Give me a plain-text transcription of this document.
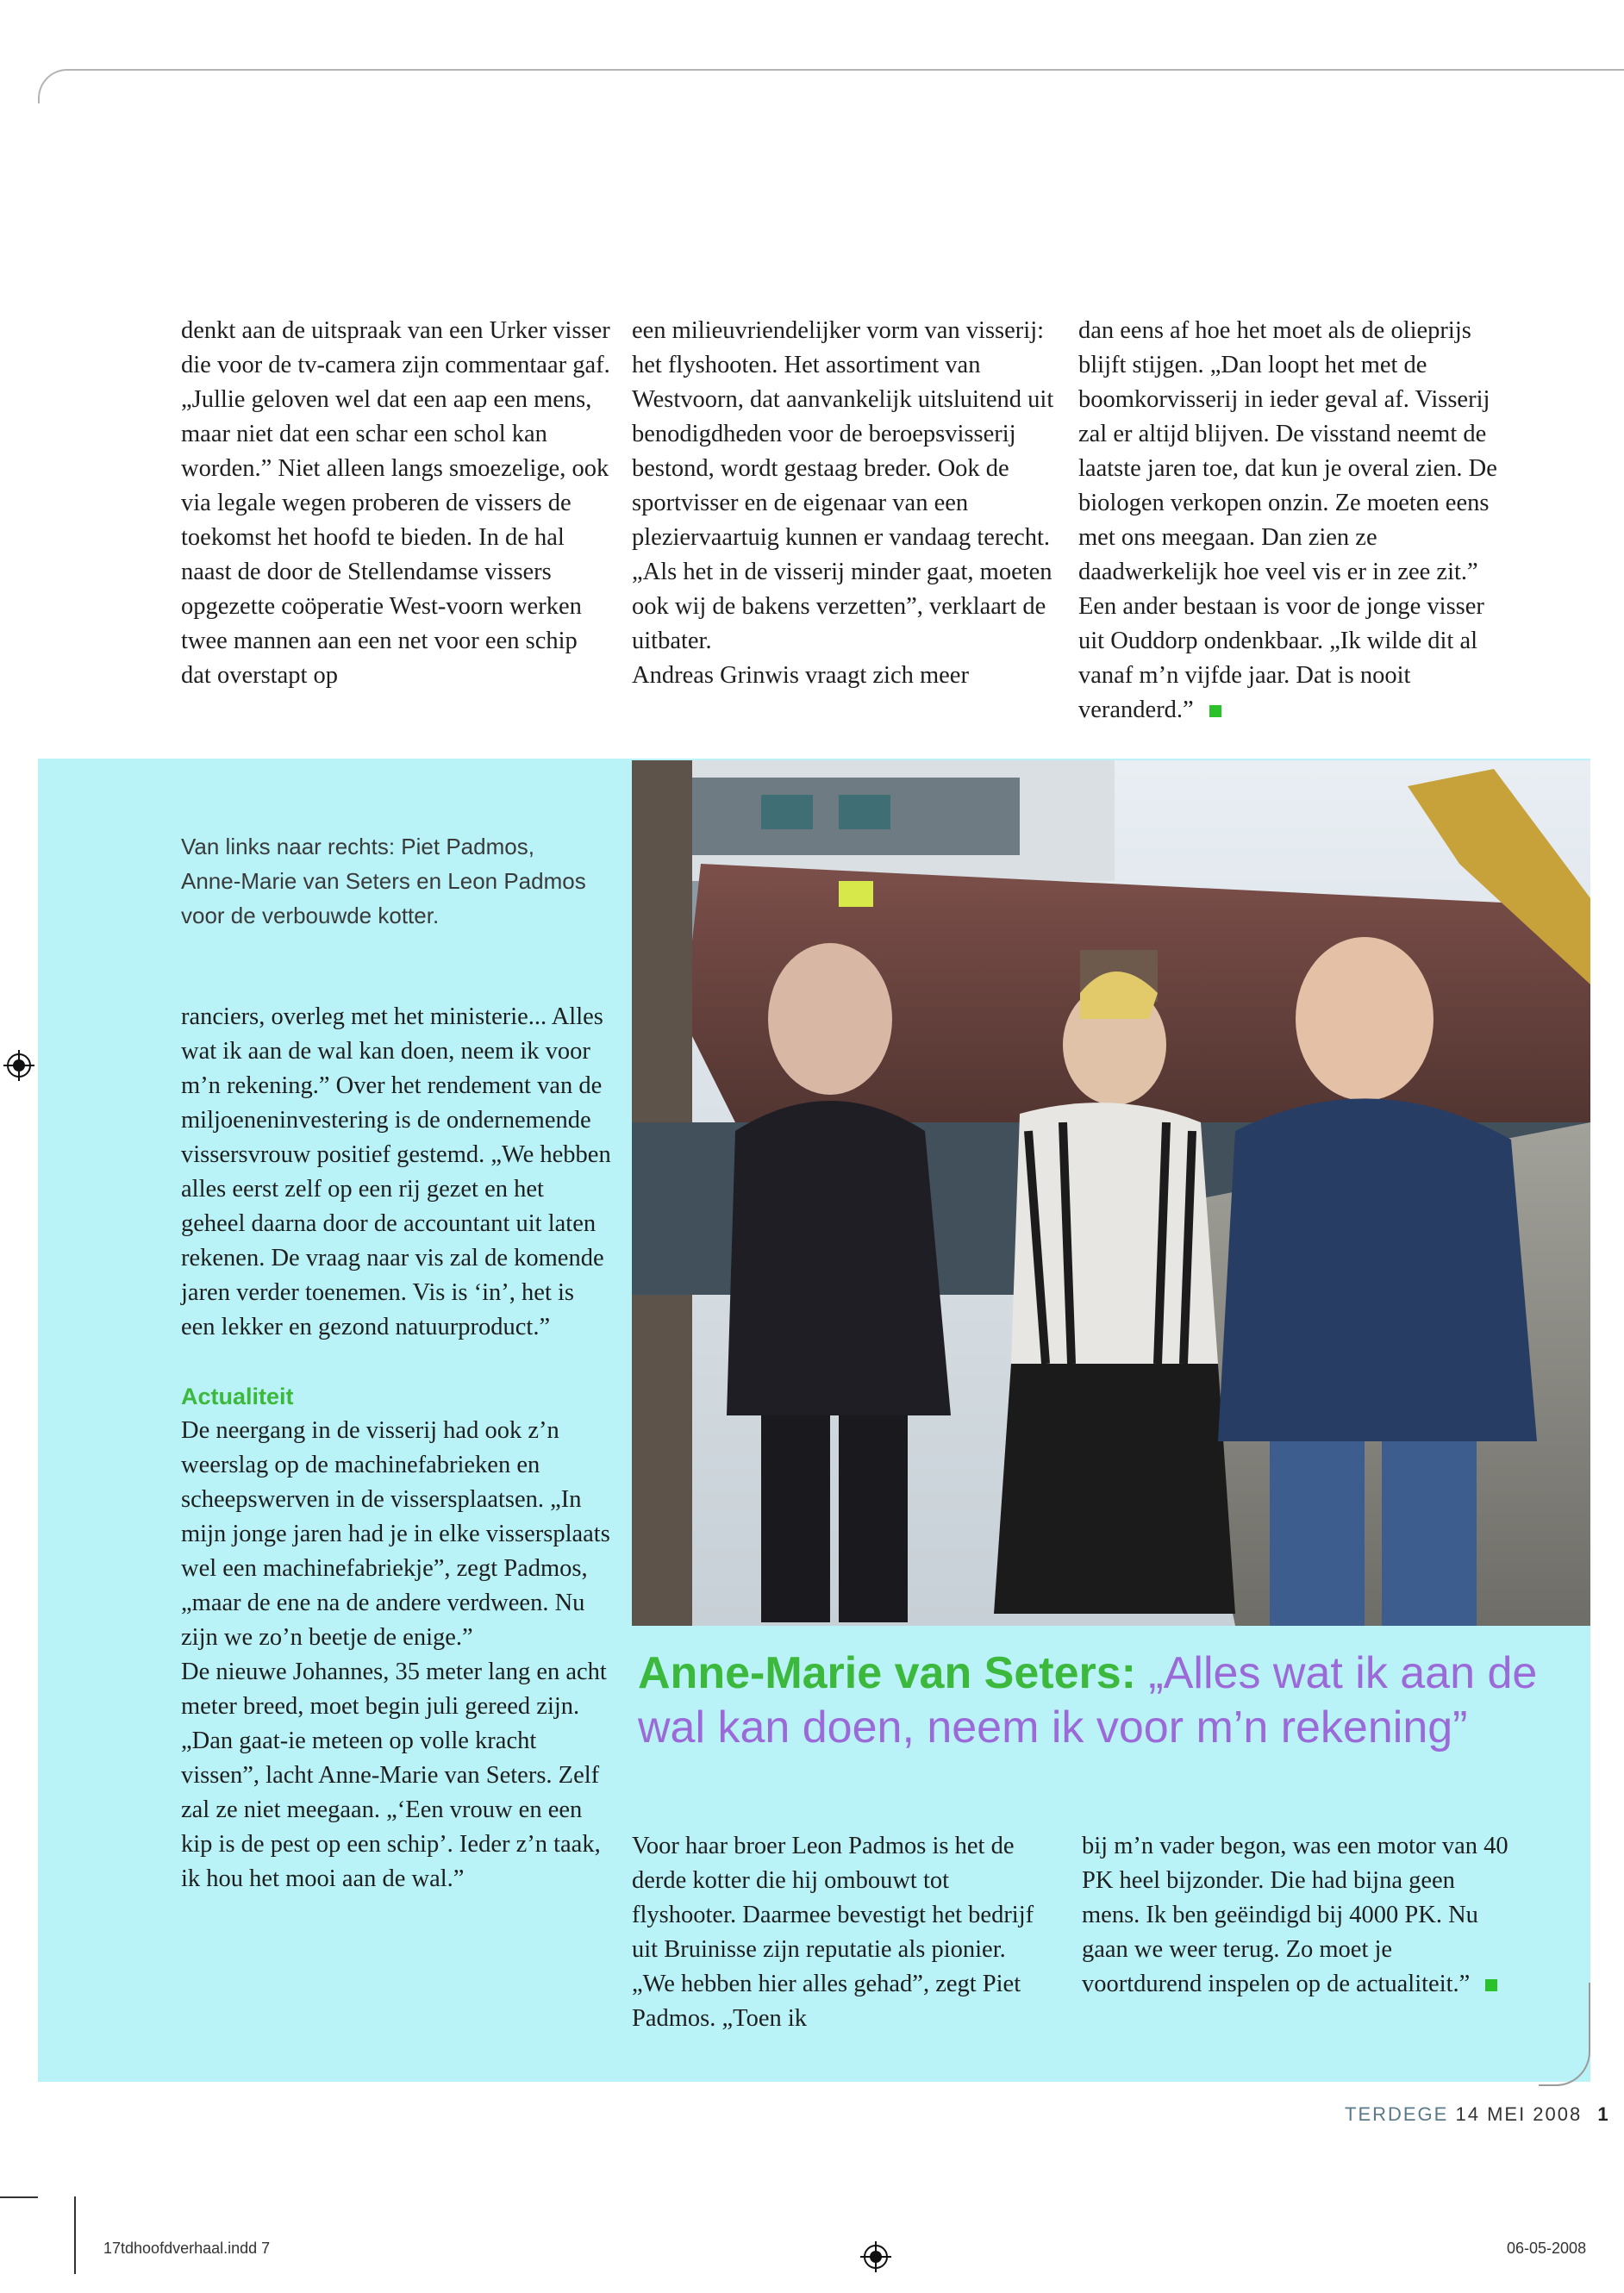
denkt aan de uitspraak van een Urker visser die voor de tv-camera zijn commentaar gaf. „Jullie geloven wel dat een aap een mens, maar niet dat een schar een schol kan worden.” Niet alleen langs smoezelige, ook via legale wegen proberen de vissers de toekomst het hoofd te bieden. In de hal naast de door de Stellendamse vissers opgezette coöperatie West-voorn werken twee mannen aan een net voor een schip dat overstapt op

een milieuvriendelijker vorm van visserij: het flyshooten. Het assortiment van Westvoorn, dat aanvankelijk uitsluitend uit benodigdheden voor de beroepsvisserij bestond, wordt gestaag breder. Ook de sportvisser en de eigenaar van een pleziervaartuig kunnen er vandaag terecht. „Als het in de visserij minder gaat, moeten ook wij de bakens verzetten”, verklaart de uitbater.

Andreas Grinwis vraagt zich meer

dan eens af hoe het moet als de olieprijs blijft stijgen. „Dan loopt het met de boomkorvisserij in ieder geval af. Visserij zal er altijd blijven. De visstand neemt de laatste jaren toe, dat kun je overal zien. De biologen verkopen onzin. Ze moeten eens met ons meegaan. Dan zien ze daadwerkelijk hoe veel vis er in zee zit.” Een ander bestaan is voor de jonge visser uit Ouddorp ondenkbaar. „Ik wilde dit al vanaf m’n vijfde jaar. Dat is nooit veranderd.”

Van links naar rechts: Piet Padmos, Anne-Marie van Seters en Leon Padmos voor de verbouwde kotter.

ranciers, overleg met het ministerie... Alles wat ik aan de wal kan doen, neem ik voor m’n rekening.” Over het rendement van de miljoeneninvestering is de ondernemende vissersvrouw positief gestemd. „We hebben alles eerst zelf op een rij gezet en het geheel daarna door de accountant uit laten rekenen. De vraag naar vis zal de komende jaren verder toenemen. Vis is ‘in’, het is een lekker en gezond natuurproduct.”

Actualiteit

De neergang in de visserij had ook z’n weerslag op de machinefabrieken en scheepswerven in de vissersplaatsen. „In mijn jonge jaren had je in elke vissersplaats wel een machinefabriekje”, zegt Padmos, „maar de ene na de andere verdween. Nu zijn we zo’n beetje de enige.”

De nieuwe Johannes, 35 meter lang en acht meter breed, moet begin juli gereed zijn. „Dan gaat-ie meteen op volle kracht vissen”, lacht Anne-Marie van Seters. Zelf zal ze niet meegaan. „‘Een vrouw en een kip is de pest op een schip’. Ieder z’n taak, ik hou het mooi aan de wal.”

Anne-Marie van Seters: „Alles wat ik aan de wal kan doen, neem ik voor m’n rekening”

Voor haar broer Leon Padmos is het de derde kotter die hij ombouwt tot flyshooter. Daarmee bevestigt het bedrijf uit Bruinisse zijn reputatie als pionier. „We hebben hier alles gehad”, zegt Piet Padmos. „Toen ik

bij m’n vader begon, was een motor van 40 PK heel bijzonder. Die had bijna geen mens. Ik ben geëindigd bij 4000 PK. Nu gaan we weer terug. Zo moet je voortdurend inspelen op de actualiteit.”

TERDEGE 14 MEI 2008 1
17tdhoofdverhaal.indd 7	06-05-2008
